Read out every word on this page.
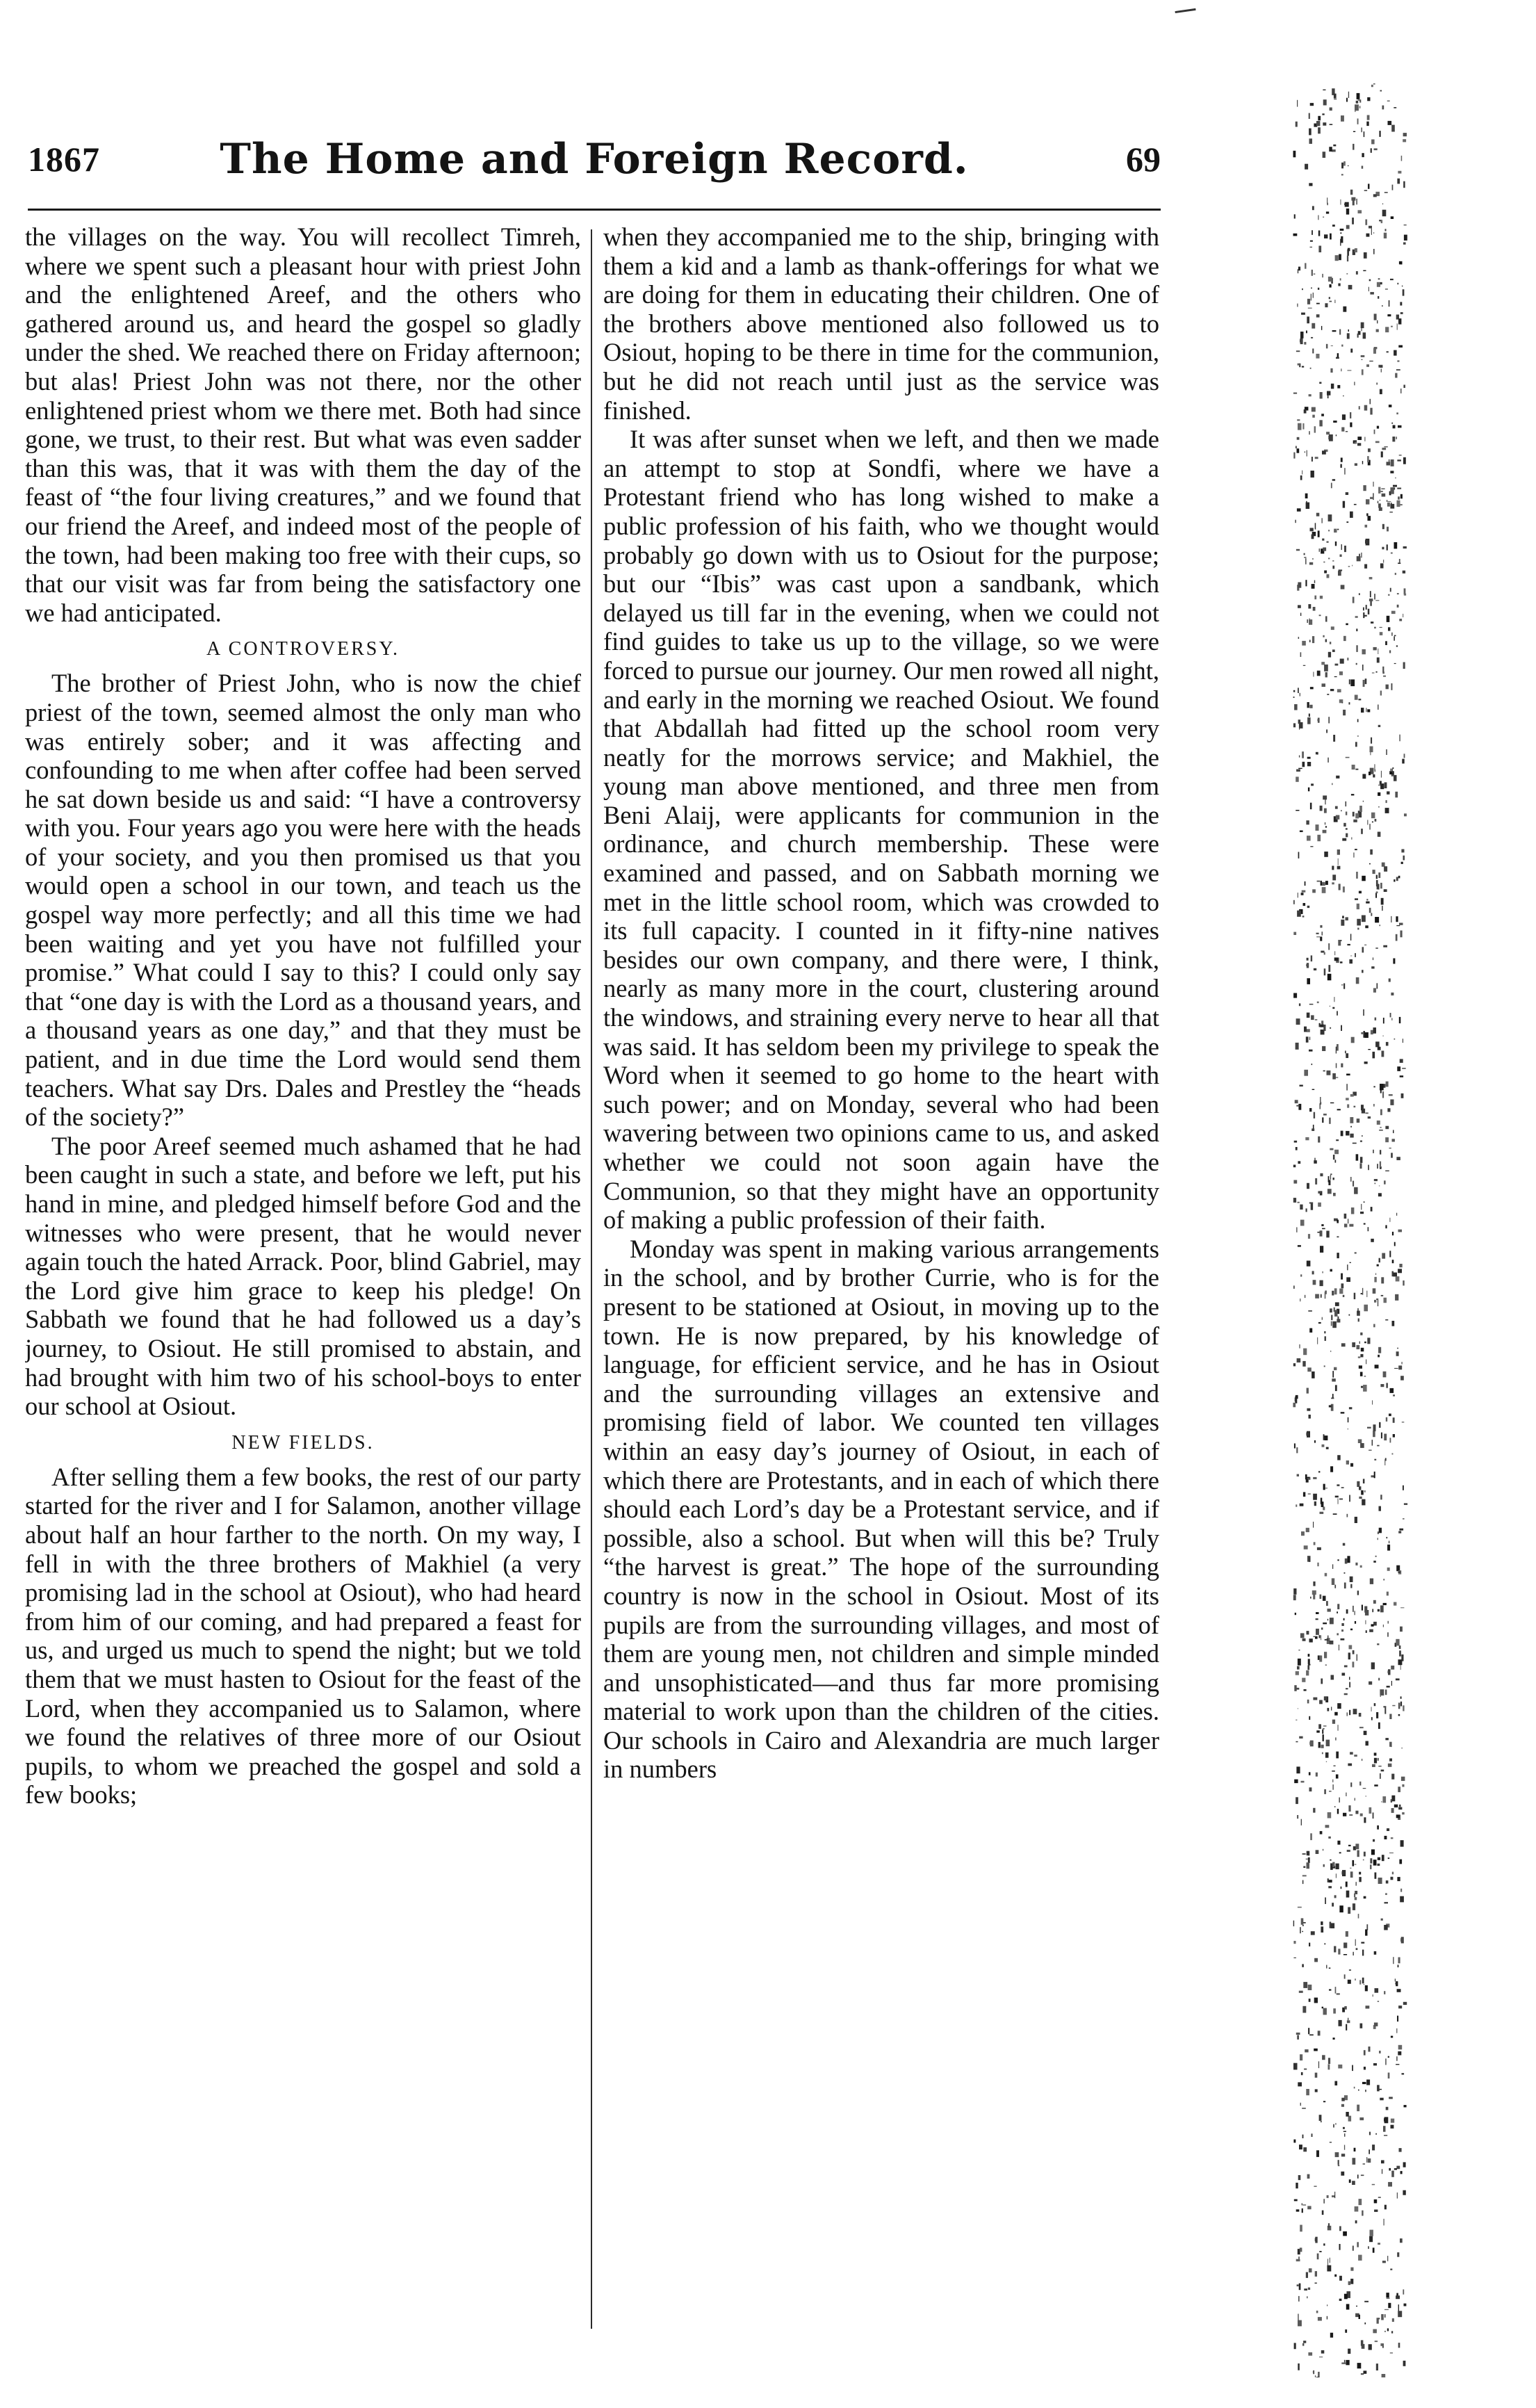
1867	The Home and Foreign Record.	69

the villages on the way. You will recollect Timreh, where we spent such a pleasant hour with priest John and the enlightened Areef, and the others who gathered around us, and heard the gospel so gladly under the shed. We reached there on Friday afternoon; but alas! Priest John was not there, nor the other enlightened priest whom we there met. Both had since gone, we trust, to their rest. But what was even sadder than this was, that it was with them the day of the feast of “the four living creatures,” and we found that our friend the Areef, and indeed most of the people of the town, had been making too free with their cups, so that our visit was far from being the satisfactory one we had anticipated.

A CONTROVERSY.

The brother of Priest John, who is now the chief priest of the town, seemed almost the only man who was entirely sober; and it was affecting and confounding to me when after coffee had been served he sat down beside us and said: “I have a controversy with you. Four years ago you were here with the heads of your society, and you then promised us that you would open a school in our town, and teach us the gospel way more perfectly; and all this time we had been waiting and yet you have not fulfilled your promise.” What could I say to this? I could only say that “one day is with the Lord as a thousand years, and a thousand years as one day,” and that they must be patient, and in due time the Lord would send them teachers. What say Drs. Dales and Prestley the “heads of the society?”

The poor Areef seemed much ashamed that he had been caught in such a state, and before we left, put his hand in mine, and pledged himself before God and the witnesses who were present, that he would never again touch the hated Arrack. Poor, blind Gabriel, may the Lord give him grace to keep his pledge! On Sabbath we found that he had followed us a day’s journey, to Osiout. He still promised to abstain, and had brought with him two of his school-boys to enter our school at Osiout.

NEW FIELDS.

After selling them a few books, the rest of our party started for the river and I for Salamon, another village about half an hour farther to the north. On my way, I fell in with the three brothers of Makhiel (a very promising lad in the school at Osiout), who had heard from him of our coming, and had prepared a feast for us, and urged us much to spend the night; but we told them that we must hasten to Osiout for the feast of the Lord, when they accompanied us to Salamon, where we found the relatives of three more of our Osiout pupils, to whom we preached the gospel and sold a few books;

when they accompanied me to the ship, bringing with them a kid and a lamb as thank-offerings for what we are doing for them in educating their children. One of the brothers above mentioned also followed us to Osiout, hoping to be there in time for the communion, but he did not reach until just as the service was finished.

It was after sunset when we left, and then we made an attempt to stop at Sondfi, where we have a Protestant friend who has long wished to make a public profession of his faith, who we thought would probably go down with us to Osiout for the purpose; but our “Ibis” was cast upon a sandbank, which delayed us till far in the evening, when we could not find guides to take us up to the village, so we were forced to pursue our journey. Our men rowed all night, and early in the morning we reached Osiout. We found that Abdallah had fitted up the school room very neatly for the morrows service; and Makhiel, the young man above mentioned, and three men from Beni Alaij, were applicants for communion in the ordinance, and church membership. These were examined and passed, and on Sabbath morning we met in the little school room, which was crowded to its full capacity. I counted in it fifty-nine natives besides our own company, and there were, I think, nearly as many more in the court, clustering around the windows, and straining every nerve to hear all that was said. It has seldom been my privilege to speak the Word when it seemed to go home to the heart with such power; and on Monday, several who had been wavering between two opinions came to us, and asked whether we could not soon again have the Communion, so that they might have an opportunity of making a public profession of their faith.

Monday was spent in making various arrangements in the school, and by brother Currie, who is for the present to be stationed at Osiout, in moving up to the town. He is now prepared, by his knowledge of language, for efficient service, and he has in Osiout and the surrounding villages an extensive and promising field of labor. We counted ten villages within an easy day’s journey of Osiout, in each of which there are Protestants, and in each of which there should each Lord’s day be a Protestant service, and if possible, also a school. But when will this be? Truly “the harvest is great.” The hope of the surrounding country is now in the school in Osiout. Most of its pupils are from the surrounding villages, and most of them are young men, not children and simple minded and unsophisticated—and thus far more promising material to work upon than the children of the cities. Our schools in Cairo and Alexandria are much larger in numbers
